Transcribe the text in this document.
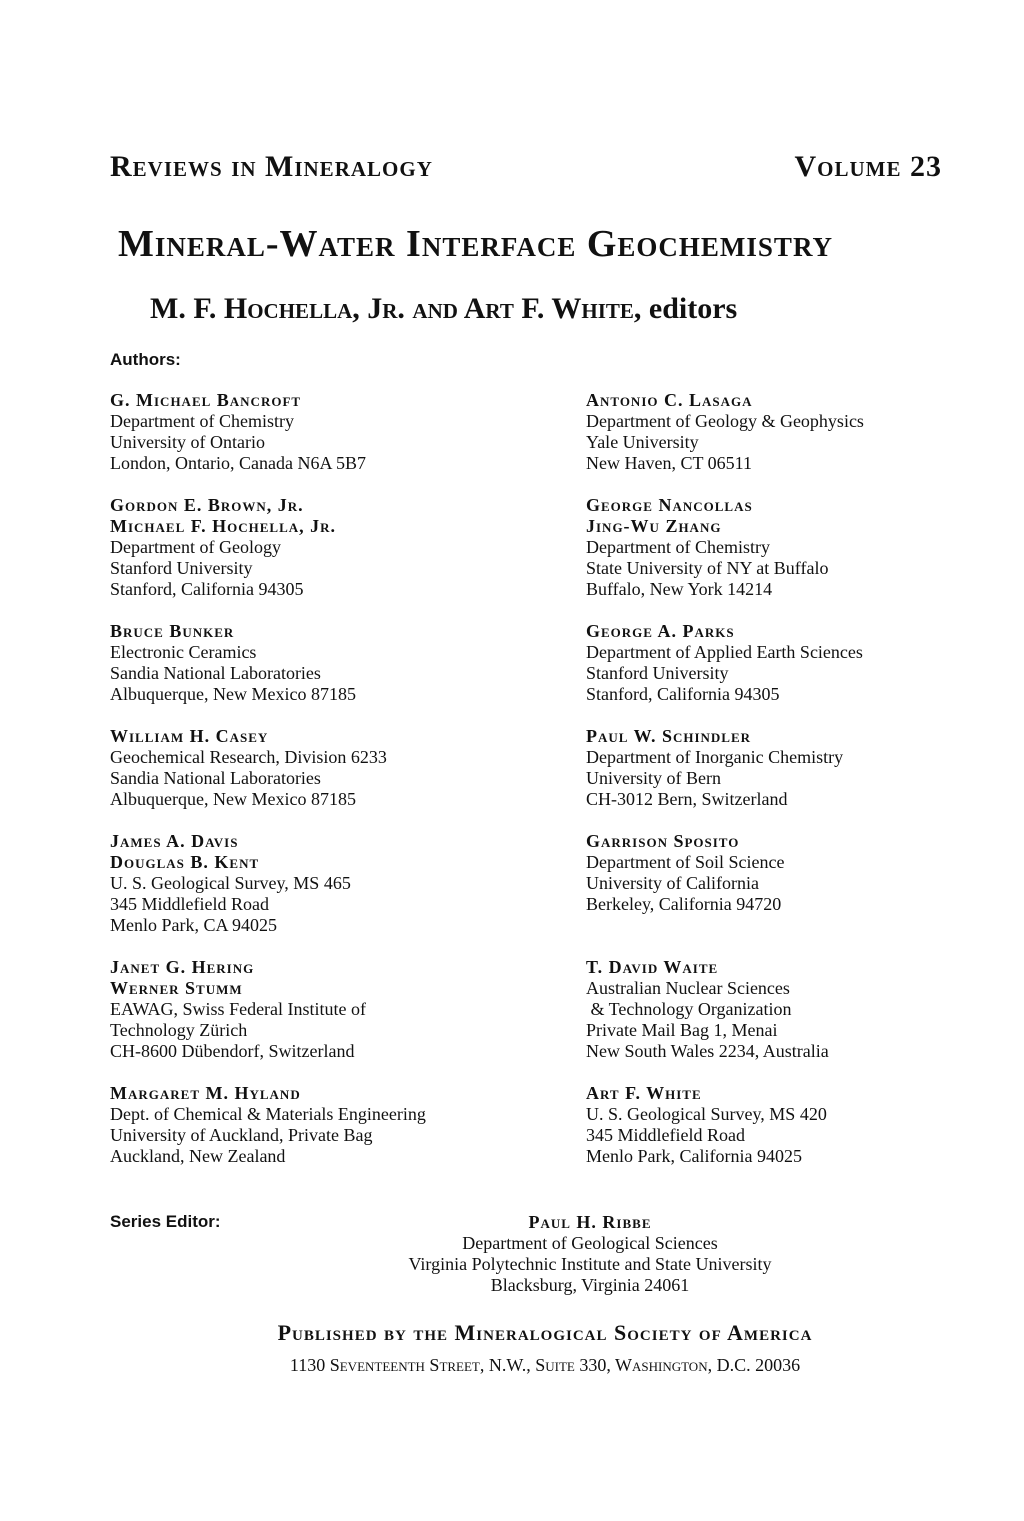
Reviews in Mineralogy	Volume 23
Mineral-Water Interface Geochemistry
M. F. Hochella, Jr. and Art F. White, editors
Authors:
G. Michael Bancroft
Department of Chemistry
University of Ontario
London, Ontario, Canada N6A 5B7
Gordon E. Brown, Jr.
Michael F. Hochella, Jr.
Department of Geology
Stanford University
Stanford, California 94305
Bruce Bunker
Electronic Ceramics
Sandia National Laboratories
Albuquerque, New Mexico 87185
William H. Casey
Geochemical Research, Division 6233
Sandia National Laboratories
Albuquerque, New Mexico 87185
James A. Davis
Douglas B. Kent
U. S. Geological Survey, MS 465
345 Middlefield Road
Menlo Park, CA 94025
Janet G. Hering
Werner Stumm
EAWAG, Swiss Federal Institute of
Technology Zürich
CH-8600 Dübendorf, Switzerland
Margaret M. Hyland
Dept. of Chemical & Materials Engineering
University of Auckland, Private Bag
Auckland, New Zealand
Antonio C. Lasaga
Department of Geology & Geophysics
Yale University
New Haven, CT 06511
George Nancollas
Jing-Wu Zhang
Department of Chemistry
State University of NY at Buffalo
Buffalo, New York 14214
George A. Parks
Department of Applied Earth Sciences
Stanford University
Stanford, California 94305
Paul W. Schindler
Department of Inorganic Chemistry
University of Bern
CH-3012 Bern, Switzerland
Garrison Sposito
Department of Soil Science
University of California
Berkeley, California 94720
T. David Waite
Australian Nuclear Sciences
& Technology Organization
Private Mail Bag 1, Menai
New South Wales 2234, Australia
Art F. White
U. S. Geological Survey, MS 420
345 Middlefield Road
Menlo Park, California 94025
Series Editor:	Paul H. Ribbe
Department of Geological Sciences
Virginia Polytechnic Institute and State University
Blacksburg, Virginia 24061
Published by the Mineralogical Society of America
1130 Seventeenth Street, N.W., Suite 330, Washington, D.C. 20036
